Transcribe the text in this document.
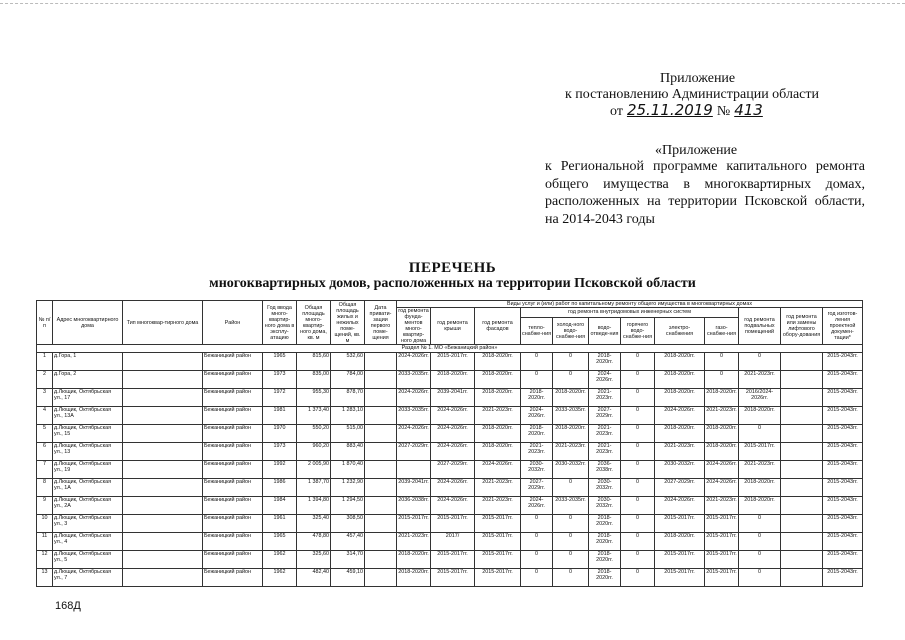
Приложение
к постановлению Администрации области
от 25.11.2019 № 413
«Приложение
к Региональной программе капитального ремонта общего имущества в многоквартирных домах, расположенных на территории Псковской области, на 2014-2043 годы
ПЕРЕЧЕНЬ
многоквартирных домов, расположенных на территории Псковской области
№ п/п	Адрес многоквартирного дома	Тип многоквар-тирного дома	Район	Год ввода много-квартир-ного дома в эксплу-атацию	Общая площадь много-квартир-ного дома, кв. м	Общая площадь жилых и нежилых поме-щений, кв. м	Дата привати-зации первого поме-щения	Виды услуг и (или) работ по капитальному ремонту общего имущества в многоквартирных домах											
								год ремонта фунда-ментов много-квартир-ного дома	год ремонта крыши	год ремонта фасадов	год ремонта внутридомовых инженерных систем						год ремонта подвальных помещений	год ремонта или замены лифтового обору-дования	год изготов-ления проектной докумен-тации*
											тепло-снабже-ния	холод-ного водо-снабже-ния	водо-отведе-ния	горячего водо-снабже-ния	электро-снабжения	газо-снабже-ния			
Раздел № 1. МО «Бежаницкий район»																			
1	д.Гора, 1		Бежаницкий район	1965	815,60	532,60		2024-2026гг.	2015-2017гг.	2018-2020гг.	0	0	2018-2020гг.	0	2018-2020гг.	0	0		2015-2043гг.
2	д.Гора, 2		Бежаницкий район	1973	835,00	784,00		2033-2035гг.	2018-2020гг.	2018-2020гг.	0	0	2024-2026гг.	0	2018-2020гг.	0	2021-2023гг.		2015-2043гг.
3	д.Лющик, Октябрьская ул., 17		Бежаницкий район	1972	955,30	878,70		2024-2026гг.	2039-2041гг.	2018-2020гг.	2018-2020гг.	2018-2020гг.	2021-2023гг.	0	2018-2020гг.	2018-2020гг.	2016/2024-2026гг.		2015-2043гг.
4	д.Лющик, Октябрьская ул., 13А		Бежаницкий район	1981	1 373,40	1 283,10		2033-2035гг.	2024-2026гг.	2021-2023гг.	2024-2026гг.	2033-2035гг.	2027-2029гг.	0	2024-2026гг.	2021-2023гг.	2018-2020гг.		2015-2043гг.
5	д.Лющик, Октябрьская ул., 15		Бежаницкий район	1970	550,20	515,00		2024-2026гг.	2024-2026гг.	2018-2020гг.	2018-2020гг.	2018-2020гг.	2021-2023гг.	0	2018-2020гг.	2018-2020гг.	0		2015-2043гг.
6	д.Лющик, Октябрьская ул., 13		Бежаницкий район	1973	960,20	883,40		2027-2029гг.	2024-2026гг.	2018-2020гг.	2021-2023гг.	2021-2023гг.	2021-2023гг.	0	2021-2023гг.	2018-2020гг.	2015-2017гг.		2015-2043гг.
7	д.Лющик, Октябрьская ул., 19		Бежаницкий район	1992	2 005,90	1 870,40			2027-2029гг.	2024-2026гг.	2030-2032гг.	2030-2032гг.	2036-2038гг.	0	2030-2032гг.	2024-2026гг.	2021-2023гг.		2015-2043гг.
8	д.Лющик, Октябрьская ул., 1А		Бежаницкий район	1986	1 387,70	1 232,90		2039-2041гг.	2024-2026гг.	2021-2023гг.	2027-2029гг.	0	2030-2032гг.	0	2027-2029гг.	2024-2026гг.	2018-2020гг.		2015-2043гг.
9	д.Лющик, Октябрьская ул., 2А		Бежаницкий район	1984	1 394,80	1 294,50		2036-2038гг.	2024-2026гг.	2021-2023гг.	2024-2026гг.	2033-2035гг.	2030-2032гг.	0	2024-2026гг.	2021-2023гг.	2018-2020гг.		2015-2043гг.
10	д.Лющик, Октябрьская ул., 3		Бежаницкий район	1961	325,40	308,50		2015-2017гг.	2015-2017гг.	2015-2017гг.	0	0	2018-2020гг.	0	2015-2017гг.	2015-2017гг.	0		2015-2043гг.
11	д.Лющик, Октябрьская ул., 4		Бежаницкий район	1965	478,80	457,40		2021-2023гг.	2017/	2015-2017гг.	0	0	2018-2020гг.	0	2018-2020гг.	2015-2017гг.	0		2015-2043гг.
12	д.Лющик, Октябрьская ул., 5		Бежаницкий район	1962	325,60	314,70		2018-2020гг.	2015-2017гг.	2015-2017гг.	0	0	2018-2020гг.	0	2015-2017гг.	2015-2017гг.	0		2015-2043гг.
13	д.Лющик, Октябрьская ул., 7		Бежаницкий район	1962	482,40	459,10		2018-2020гг.	2015-2017гг.	2015-2017гг.	0	0	2018-2020гг.	0	2015-2017гг.	2015-2017гг.	0		2015-2043гг.
168Д
